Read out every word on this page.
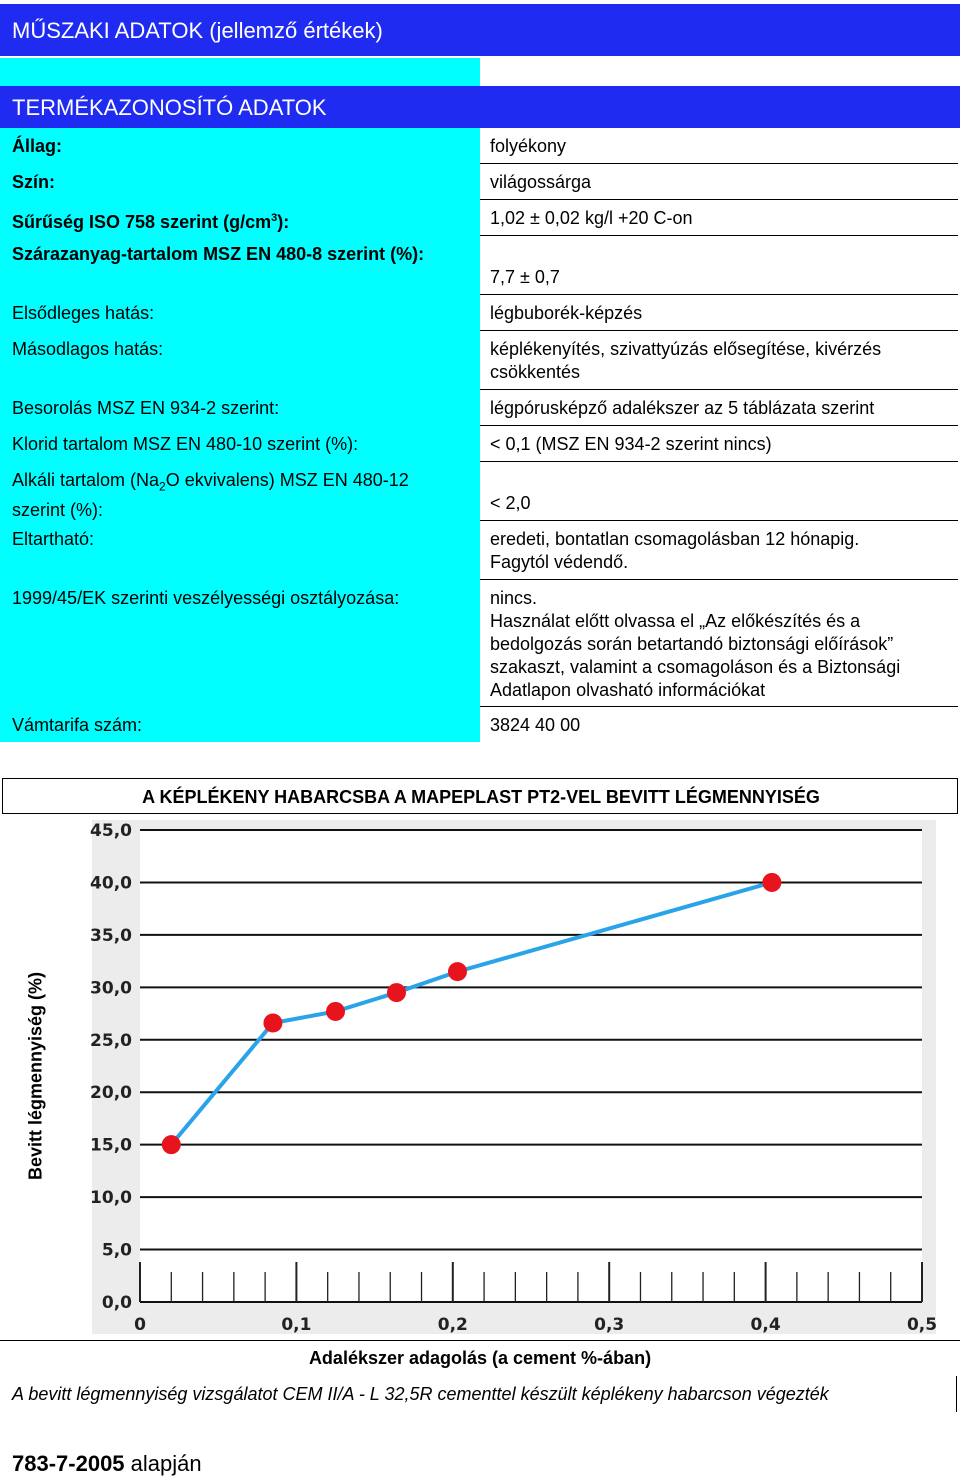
MŰSZAKI ADATOK (jellemző értékek)
TERMÉKAZONOSÍTÓ ADATOK
Állag:	folyékony
Szín:	világossárga
Sűrűség ISO 758 szerint $(g/cm^3)$:	1,02 ± 0,02 kg/l +20 C-on
Szárazanyag-tartalom MSZ EN 480-8 szerint (%):
7,7 ± 0,7
Elsődleges hatás:	légbuborék-képzés
Másodlagos hatás:	képlékenyítés, szivattyúzás elősegítése, kivérzés csökkentés
Besorolás MSZ EN 934-2 szerint:	légpórusképző adalékszer az 5 táblázata szerint
Klorid tartalom MSZ EN 480-10 szerint (%):	< 0,1 (MSZ EN 934-2 szerint nincs)
Alkáli tartalom ($Na_2O$ ekvivalens) MSZ EN 480-12 szerint (%):	< 2,0
Eltartható:	eredeti, bontatlan csomagolásban 12 hónapig. Fagytól védendő.
1999/45/EK szerinti veszélyességi osztályozása:	nincs.
Használat előtt olvassa el „Az előkészítés és a bedolgozás során betartandó biztonsági előírások” szakaszt, valamint a csomagoláson és a Biztonsági Adatlapon olvasható információkat
Vámtarifa szám:	3824 40 00
A KÉPLÉKENY HABARCSBA A MAPEPLAST PT2-VEL BEVITT LÉGMENNYISÉG
Bevitt légmennyiség (%)
0,0
5,0
10,0
15,0
20,0
25,0
30,0
35,0
40,0
45,0
0	0,1	0,2	0,3	0,4	0,5
Adalékszer adagolás (a cement %-ában)
A bevitt légmennyiség vizsgálatot CEM II/A - L 32,5R cementtel készült képlékeny habarcson végezték
783-7-2005 alapján
